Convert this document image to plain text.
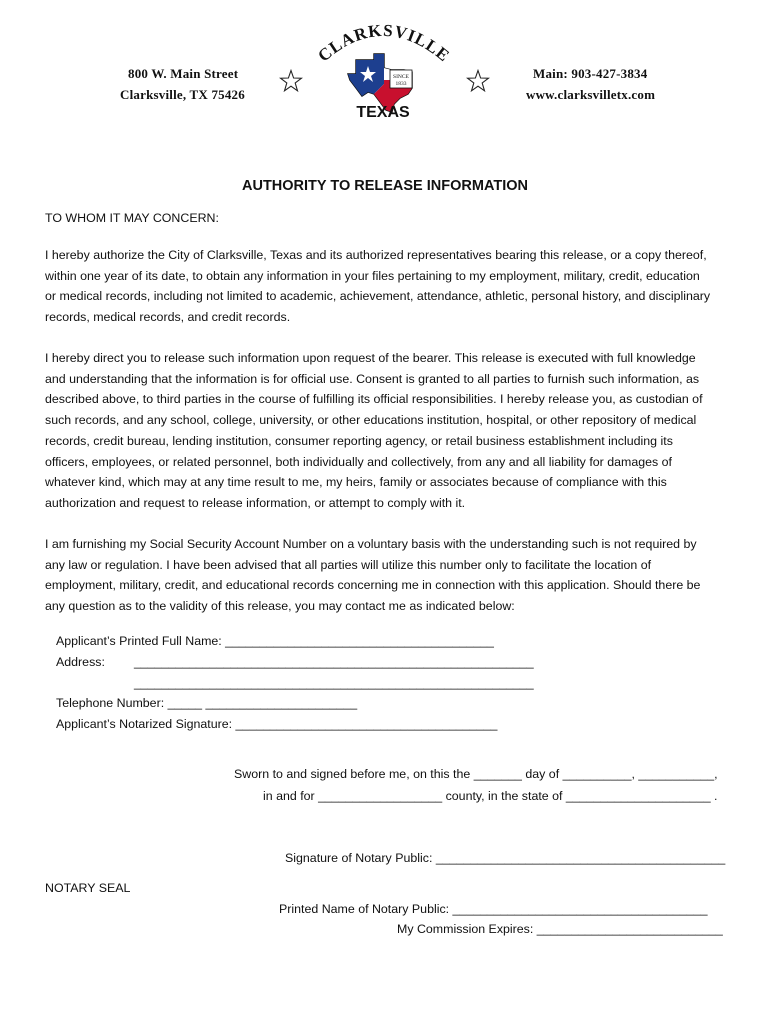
800 W. Main Street
Clarksville, TX 75426
Main: 903-427-3834
www.clarksvilletx.com
CLARKSVILLE
SINCE
1833
TEXAS
AUTHORITY TO RELEASE INFORMATION
TO WHOM IT MAY CONCERN:
I hereby authorize the City of Clarksville, Texas and its authorized representatives bearing this release, or a copy thereof,
within one year of its date, to obtain any information in your files pertaining to my employment, military, credit, education
or medical records, including not limited to academic, achievement, attendance, athletic, personal history, and disciplinary
records, medical records, and credit records.
I hereby direct you to release such information upon request of the bearer. This release is executed with full knowledge
and understanding that the information is for official use. Consent is granted to all parties to furnish such information, as
described above, to third parties in the course of fulfilling its official responsibilities. I hereby release you, as custodian of
such records, and any school, college, university, or other educations institution, hospital, or other repository of medical
records, credit bureau, lending institution, consumer reporting agency, or retail business establishment including its
officers, employees, or related personnel, both individually and collectively, from any and all liability for damages of
whatever kind, which may at any time result to me, my heirs, family or associates because of compliance with this
authorization and request to release information, or attempt to comply with it.
I am furnishing my Social Security Account Number on a voluntary basis with the understanding such is not required by
any law or regulation. I have been advised that all parties will utilize this number only to facilitate the location of
employment, military, credit, and educational records concerning me in connection with this application. Should there be
any question as to the validity of this release, you may contact me as indicated below:
Applicant’s Printed Full Name: _______________________________________
Address: __________________________________________________________
__________________________________________________________
Telephone Number: _____ ______________________
Applicant’s Notarized Signature: ______________________________________
Sworn to and signed before me, on this the _______ day of __________, ___________,
in and for __________________ county, in the state of _____________________ .
Signature of Notary Public: __________________________________________
NOTARY SEAL
Printed Name of Notary Public: _____________________________________
My Commission Expires: ___________________________
